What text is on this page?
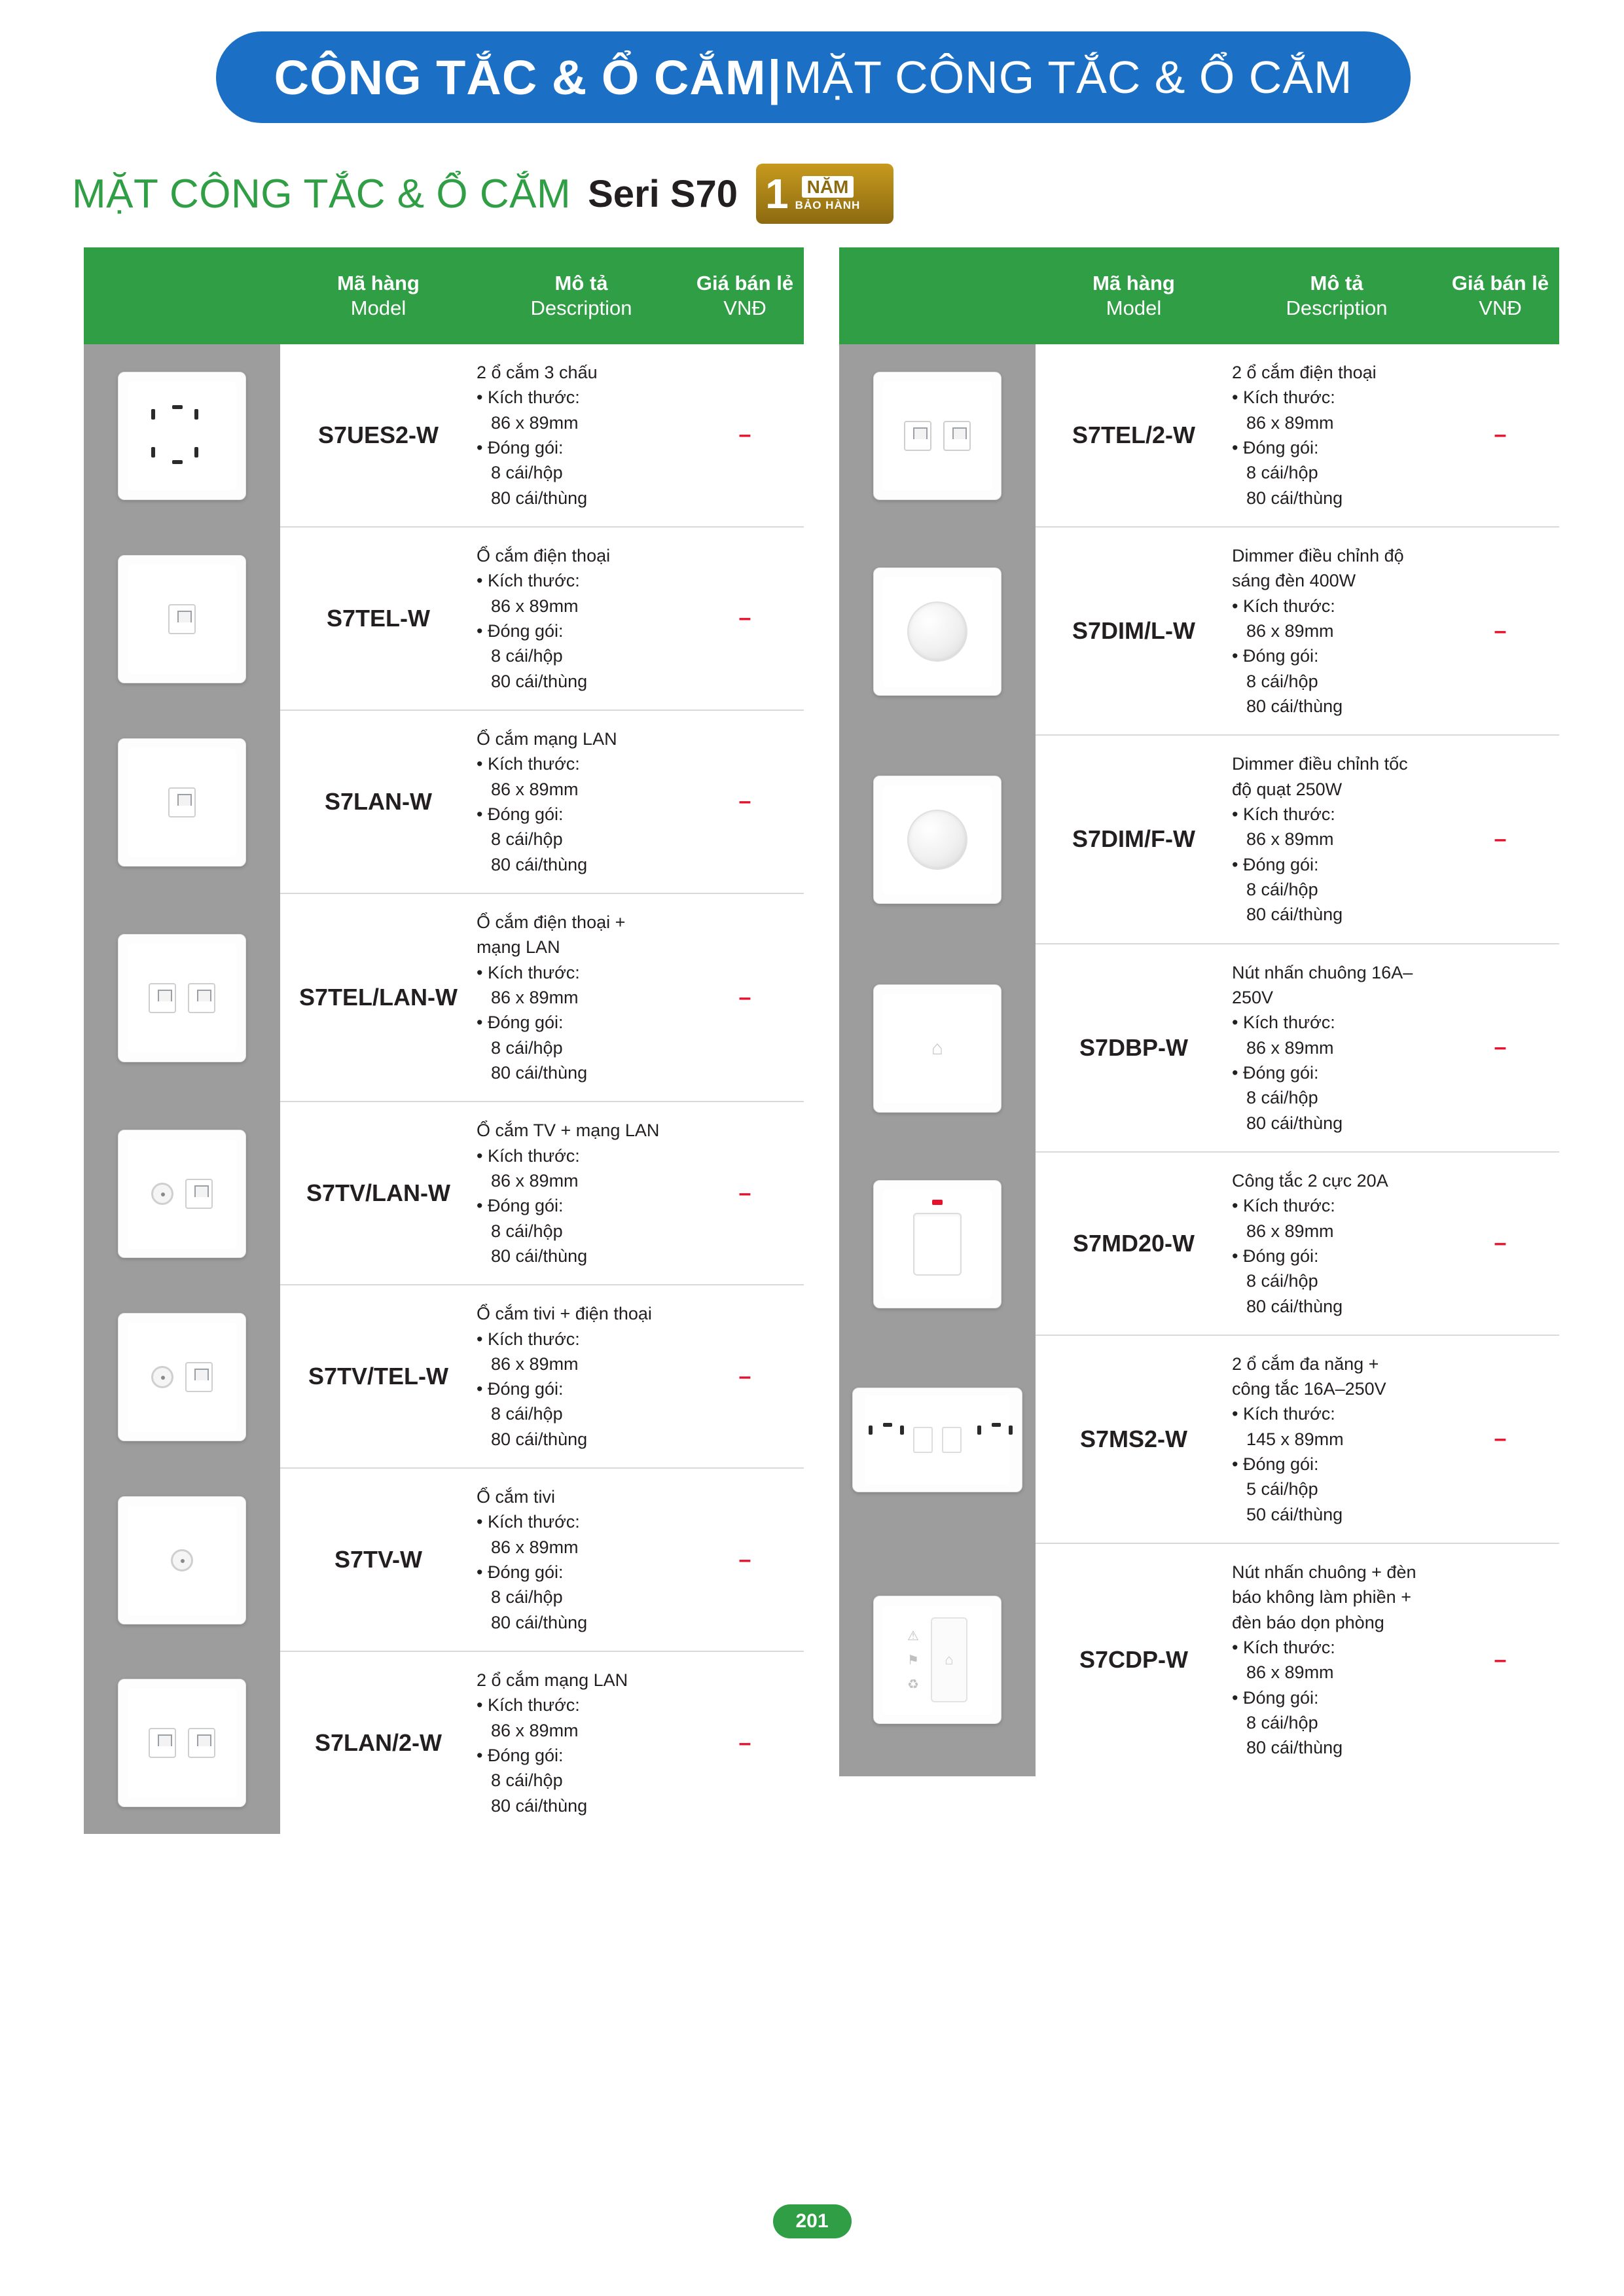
CÔNG TẮC & Ổ CẮM | MẶT CÔNG TẮC & Ổ CẮM
MẶT CÔNG TẮC & Ổ CẮM Seri S70 1 NĂM
BẢO HÀNH
Mã hàng
Model
Mô tả
Description
Giá bán lẻ
VNĐ
S7UES2-W
2 ổ cắm 3 chấu
• Kích thước:
86 x 89mm
• Đóng gói:
8 cái/hộp
80 cái/thùng
–
S7TEL-W
Ổ cắm điện thoại
• Kích thước:
86 x 89mm
• Đóng gói:
8 cái/hộp
80 cái/thùng
–
S7LAN-W
Ổ cắm mạng LAN
• Kích thước:
86 x 89mm
• Đóng gói:
8 cái/hộp
80 cái/thùng
–
S7TEL/LAN-W
Ổ cắm điện thoại +
mạng LAN
• Kích thước:
86 x 89mm
• Đóng gói:
8 cái/hộp
80 cái/thùng
–
S7TV/LAN-W
Ổ cắm TV + mạng LAN
• Kích thước:
86 x 89mm
• Đóng gói:
8 cái/hộp
80 cái/thùng
–
S7TV/TEL-W
Ổ cắm tivi + điện thoại
• Kích thước:
86 x 89mm
• Đóng gói:
8 cái/hộp
80 cái/thùng
–
S7TV-W
Ổ cắm tivi
• Kích thước:
86 x 89mm
• Đóng gói:
8 cái/hộp
80 cái/thùng
–
S7LAN/2-W
2 ổ cắm mạng LAN
• Kích thước:
86 x 89mm
• Đóng gói:
8 cái/hộp
80 cái/thùng
–
Mã hàng
Model
Mô tả
Description
Giá bán lẻ
VNĐ
S7TEL/2-W
2 ổ cắm điện thoại
• Kích thước:
86 x 89mm
• Đóng gói:
8 cái/hộp
80 cái/thùng
–
S7DIM/L-W
Dimmer điều chỉnh độ
sáng đèn 400W
• Kích thước:
86 x 89mm
• Đóng gói:
8 cái/hộp
80 cái/thùng
–
S7DIM/F-W
Dimmer điều chỉnh tốc
độ quạt 250W
• Kích thước:
86 x 89mm
• Đóng gói:
8 cái/hộp
80 cái/thùng
–
⌂	S7DBP-W
Nút nhấn chuông 16A–
250V
• Kích thước:
86 x 89mm
• Đóng gói:
8 cái/hộp
80 cái/thùng
–
S7MD20-W
Công tắc 2 cực 20A
• Kích thước:
86 x 89mm
• Đóng gói:
8 cái/hộp
80 cái/thùng
–
S7MS2-W
2 ổ cắm đa năng +
công tắc 16A–250V
• Kích thước:
145 x 89mm
• Đóng gói:
5 cái/hộp
50 cái/thùng
–
⚠
⚑
♻
⌂	S7CDP-W
Nút nhấn chuông + đèn
báo không làm phiền +
đèn báo dọn phòng
• Kích thước:
86 x 89mm
• Đóng gói:
8 cái/hộp
80 cái/thùng
–
201
